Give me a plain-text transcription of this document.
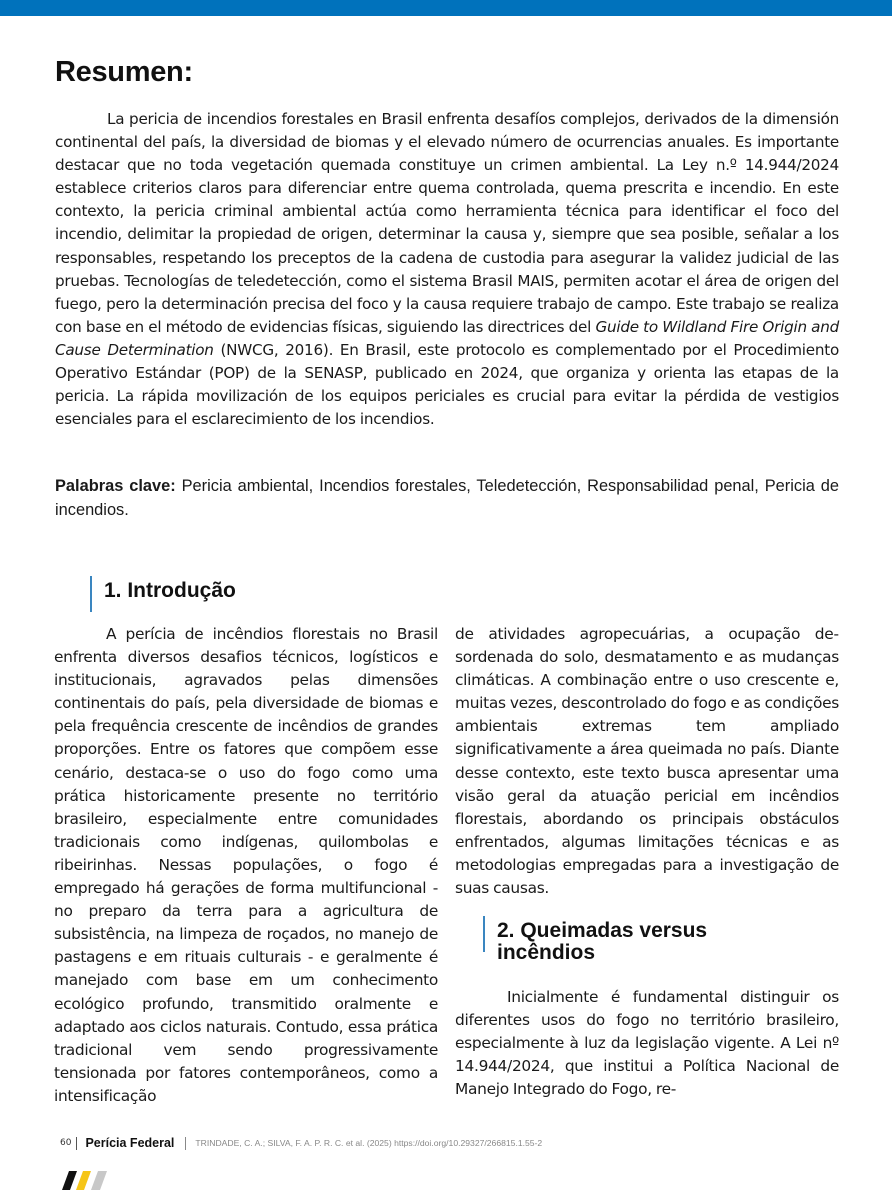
Resumen:

La pericia de incendios forestales en Brasil enfrenta desafíos complejos, derivados de la dimensión continental del país, la diversidad de biomas y el elevado número de ocurrencias anuales. Es importante destacar que no toda vegetación quemada constituye un crimen ambiental. La Ley n.º 14.944/2024 establece criterios claros para diferenciar entre quema controlada, quema prescrita e incendio. En este contexto, la pericia criminal ambiental actúa como herramienta técnica para identificar el foco del incendio, delimitar la propiedad de origen, determinar la causa y, siempre que sea posible, señalar a los responsables, respetando los preceptos de la cadena de custodia para asegurar la validez judicial de las pruebas. Tecnologías de teledetección, como el sistema Brasil MAIS, permiten acotar el área de origen del fuego, pero la determinación precisa del foco y la causa requiere trabajo de campo. Este trabajo se realiza con base en el método de evidencias físicas, siguiendo las directrices del Guide to Wildland Fire Origin and Cause Determination (NWCG, 2016). En Brasil, este protocolo es complementado por el Procedimiento Operativo Estándar (POP) de la SENASP, publicado en 2024, que organiza y orienta las etapas de la pericia. La rápida movilización de los equipos periciales es crucial para evitar la pérdida de vestigios esenciales para el esclarecimiento de los incendios.

Palabras clave: Pericia ambiental, Incendios forestales, Teledetección, Responsabilidad penal, Pericia de incendios.

1. Introdução

A perícia de incêndios florestais no Brasil enfrenta diversos desafios técnicos, logísticos e institucionais, agravados pelas dimensões continentais do país, pela diversidade de biomas e pela frequência crescente de incêndios de grandes proporções. Entre os fatores que compõem esse cenário, destaca-se o uso do fogo como uma prática historicamente presente no território brasileiro, especialmente entre comunidades tradicionais como indígenas, quilombolas e ribeirinhas. Nessas populações, o fogo é empregado há gerações de forma multifuncional - no preparo da terra para a agricultura de subsistência, na limpeza de roçados, no manejo de pastagens e em rituais culturais - e geralmente é manejado com base em um conhecimento ecológico profundo, transmitido oralmente e adaptado aos ciclos naturais. Contudo, essa prática tradicional vem sendo progressivamente tensionada por fatores contemporâneos, como a intensificação

de atividades agropecuárias, a ocupação desordenada do solo, desmatamento e as mudanças climáticas. A combinação entre o uso crescente e, muitas vezes, descontrolado do fogo e as condições ambientais extremas tem ampliado significativamente a área queimada no país. Diante desse contexto, este texto busca apresentar uma visão geral da atuação pericial em incêndios florestais, abordando os principais obstáculos enfrentados, algumas limitações técnicas e as metodologias empregadas para a investigação de suas causas.

2. Queimadas versus incêndios

Inicialmente é fundamental distinguir os diferentes usos do fogo no território brasileiro, especialmente à luz da legislação vigente. A Lei nº 14.944/2024, que institui a Política Nacional de Manejo Integrado do Fogo, re-

60 Perícia Federal TRINDADE, C. A.; SILVA, F. A. P. R. C. et al. (2025) https://doi.org/10.29327/266815.1.55-2
